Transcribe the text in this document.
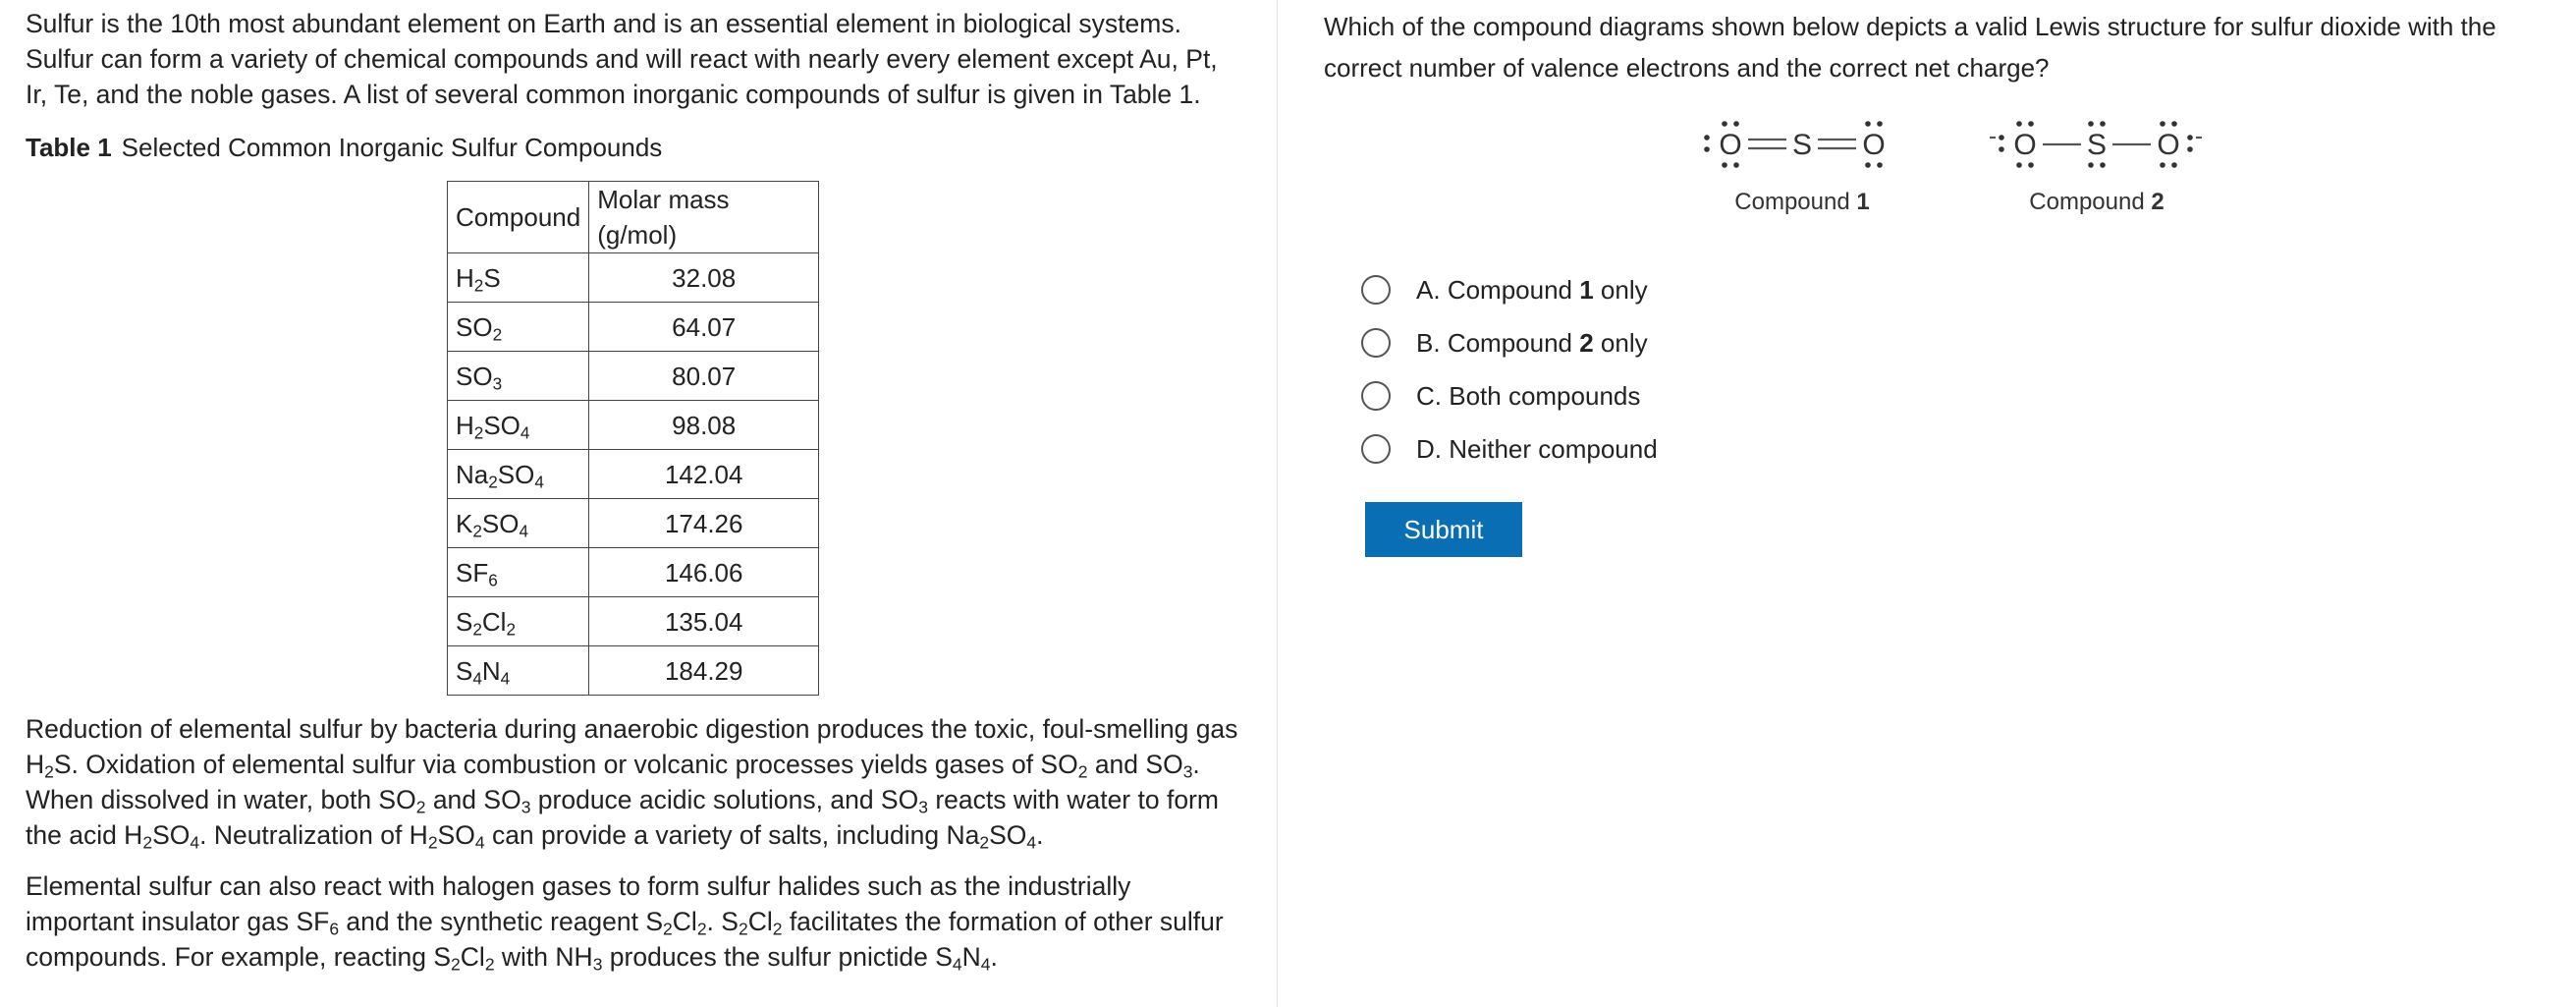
Sulfur is the 10th most abundant element on Earth and is an essential element in biological systems. Sulfur can form a variety of chemical compounds and will react with nearly every element except Au, Pt, Ir, Te, and the noble gases. A list of several common inorganic compounds of sulfur is given in Table 1.

Table 1 Selected Common Inorganic Sulfur Compounds
Compound	Molar mass (g/mol)
$H_2S$	32.08
$SO_2$	64.07
$SO_3$	80.07
$H_2SO_4$	98.08
$Na_2SO_4$	142.04
$K_2SO_4$	174.26
$SF_6$	146.06
$S_2Cl_2$	135.04
$S_4N_4$	184.29

Reduction of elemental sulfur by bacteria during anaerobic digestion produces the toxic, foul-smelling gas $H_2S$. Oxidation of elemental sulfur via combustion or volcanic processes yields gases of $SO_2$ and $SO_3$. When dissolved in water, both $SO_2$ and $SO_3$ produce acidic solutions, and $SO_3$ reacts with water to form the acid $H_2SO_4$. Neutralization of $H_2SO_4$ can provide a variety of salts, including $Na_2SO_4$.

Elemental sulfur can also react with halogen gases to form sulfur halides such as the industrially important insulator gas $SF_6$ and the synthetic reagent $S_2Cl_2$. $S_2Cl_2$ facilitates the formation of other sulfur compounds. For example, reacting $S_2Cl_2$ with $NH_3$ produces the sulfur pnictide $S_4N_4$.

Which of the compound diagrams shown below depicts a valid Lewis structure for sulfur dioxide with the correct number of valence electrons and the correct net charge?

O S O
Compound 1
O S O
Compound 2
A. Compound 1 only
B. Compound 2 only
C. Both compounds
D. Neither compound
Submit
